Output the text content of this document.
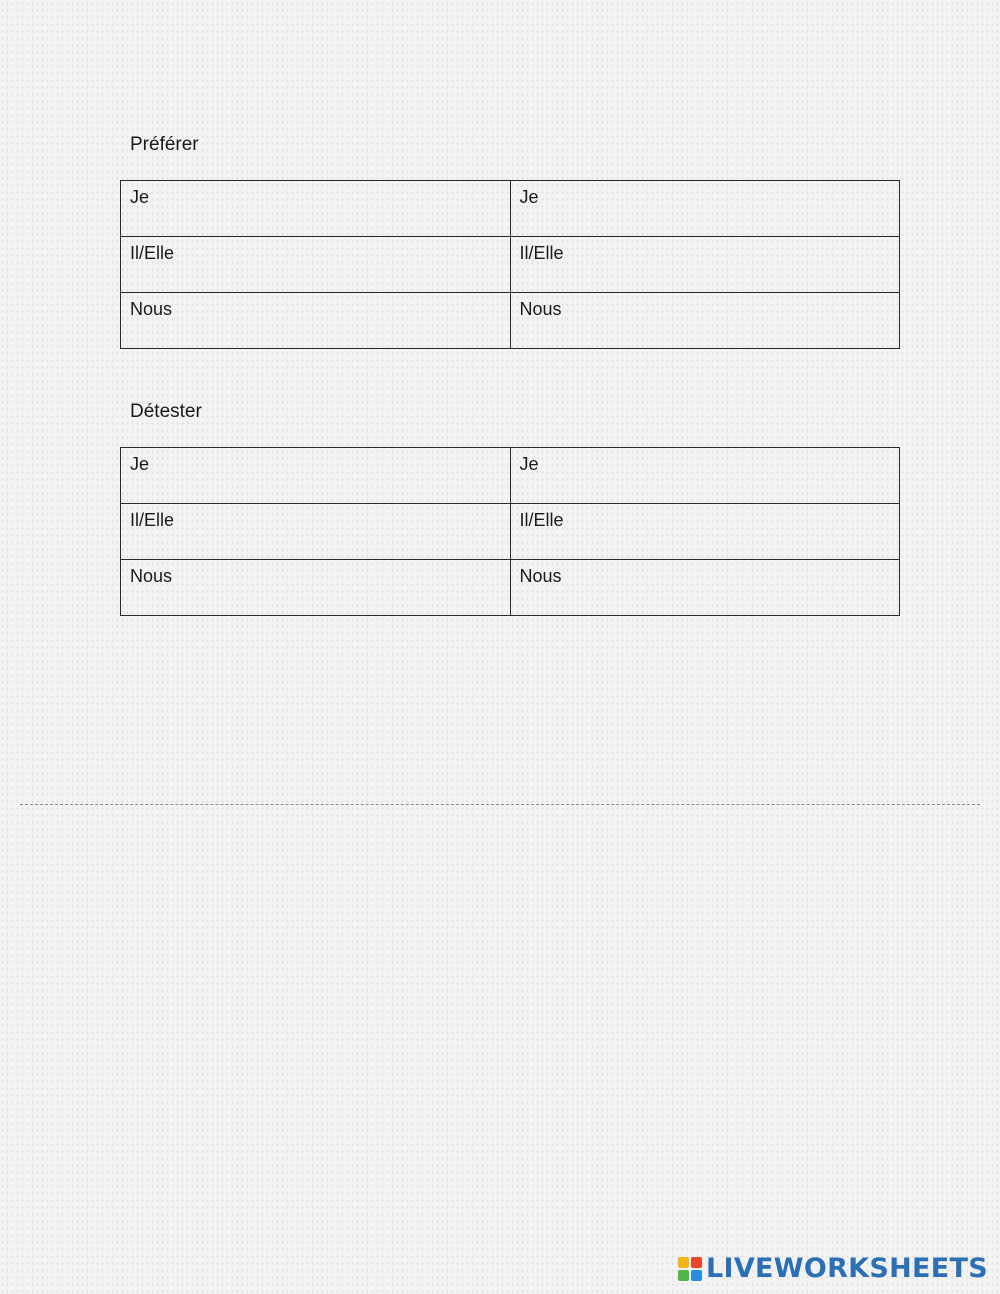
Préférer
Je	Je
Il/Elle	Il/Elle
Nous	Nous
Détester
Je	Je
Il/Elle	Il/Elle
Nous	Nous
LIVEWORKSHEETS
